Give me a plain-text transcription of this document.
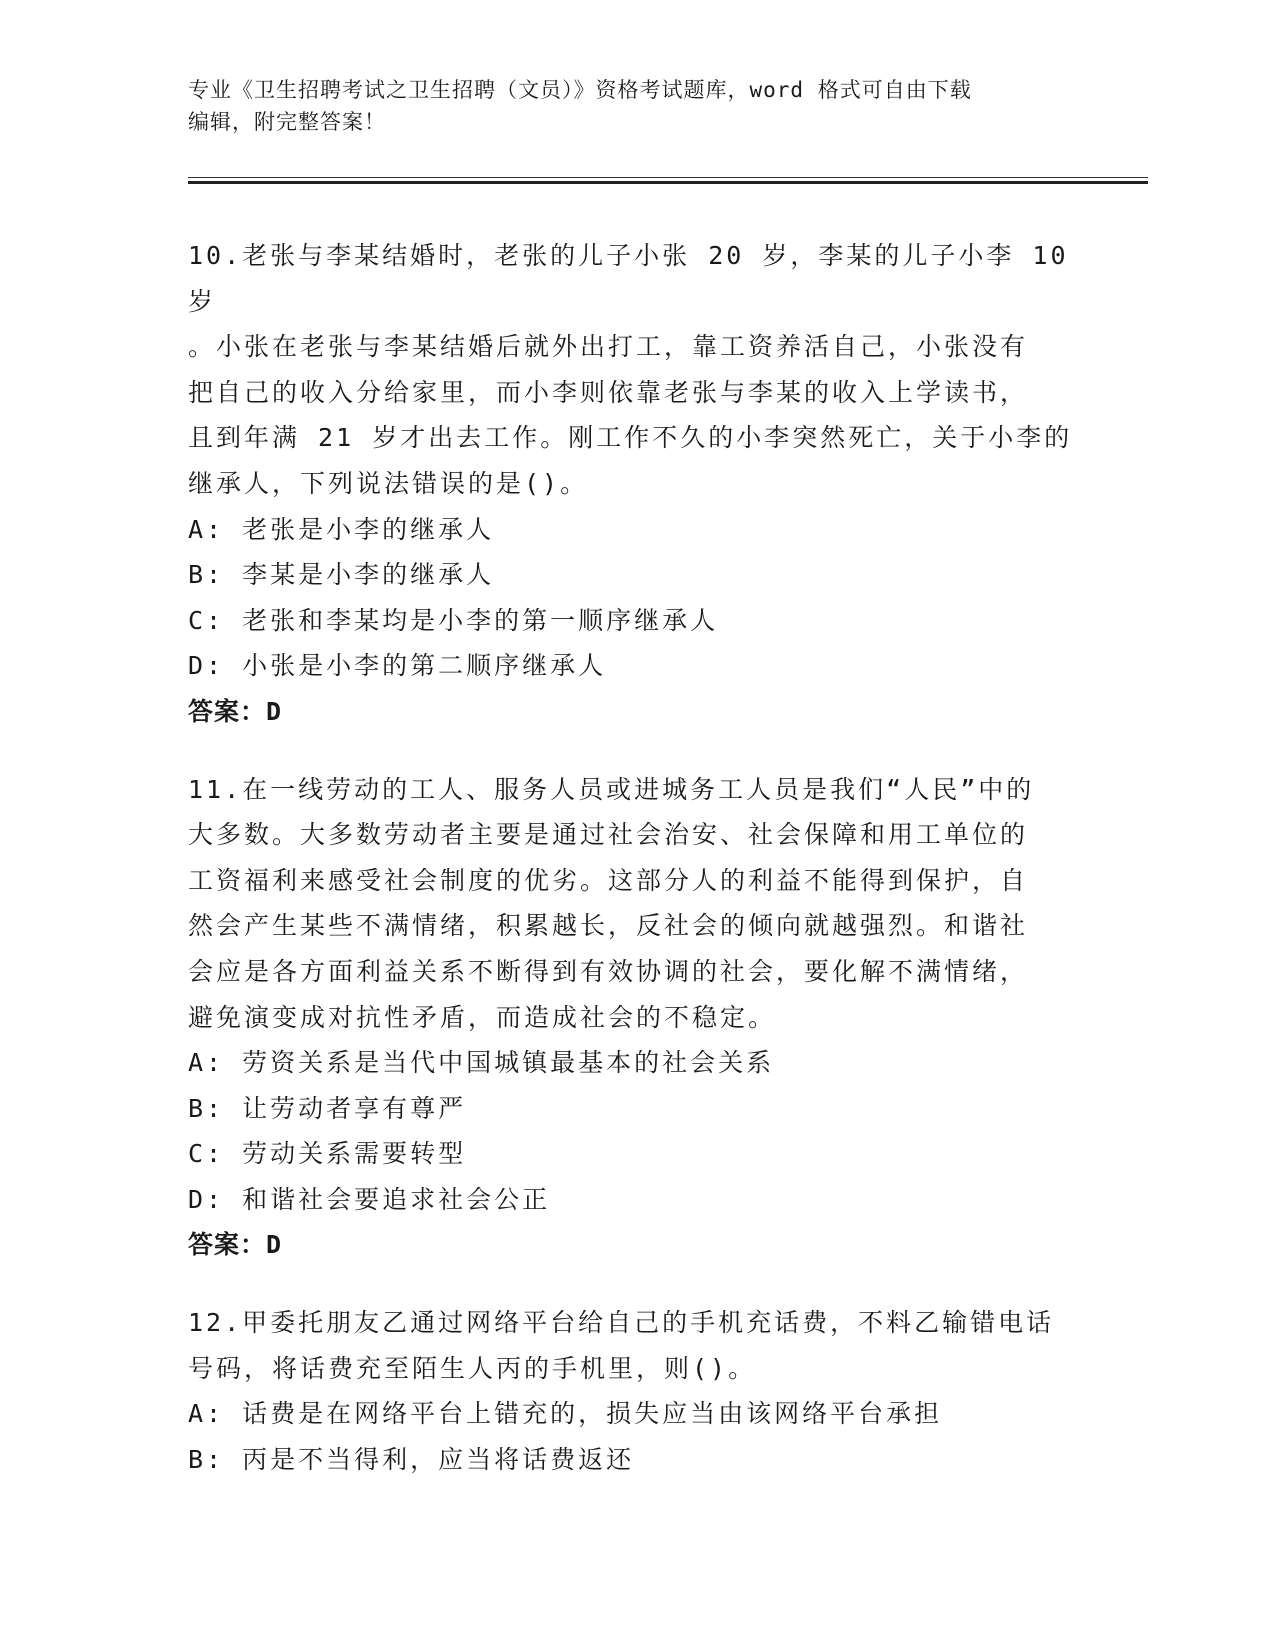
专业《卫生招聘考试之卫生招聘（文员）》资格考试题库，word 格式可自由下载
编辑，附完整答案！
10.老张与李某结婚时，老张的儿子小张 20 岁，李某的儿子小李 10 岁
。小张在老张与李某结婚后就外出打工，靠工资养活自己，小张没有
把自己的收入分给家里，而小李则依靠老张与李某的收入上学读书，
且到年满 21 岁才出去工作。刚工作不久的小李突然死亡，关于小李的
继承人，下列说法错误的是()。
A: 老张是小李的继承人
B: 李某是小李的继承人
C: 老张和李某均是小李的第一顺序继承人
D: 小张是小李的第二顺序继承人
答案：D
11.在一线劳动的工人、服务人员或进城务工人员是我们“人民”中的
大多数。大多数劳动者主要是通过社会治安、社会保障和用工单位的
工资福利来感受社会制度的优劣。这部分人的利益不能得到保护，自
然会产生某些不满情绪，积累越长，反社会的倾向就越强烈。和谐社
会应是各方面利益关系不断得到有效协调的社会，要化解不满情绪，
避免演变成对抗性矛盾，而造成社会的不稳定。
A: 劳资关系是当代中国城镇最基本的社会关系
B: 让劳动者享有尊严
C: 劳动关系需要转型
D: 和谐社会要追求社会公正
答案：D
12.甲委托朋友乙通过网络平台给自己的手机充话费，不料乙输错电话
号码，将话费充至陌生人丙的手机里，则()。
A: 话费是在网络平台上错充的，损失应当由该网络平台承担
B: 丙是不当得利，应当将话费返还
